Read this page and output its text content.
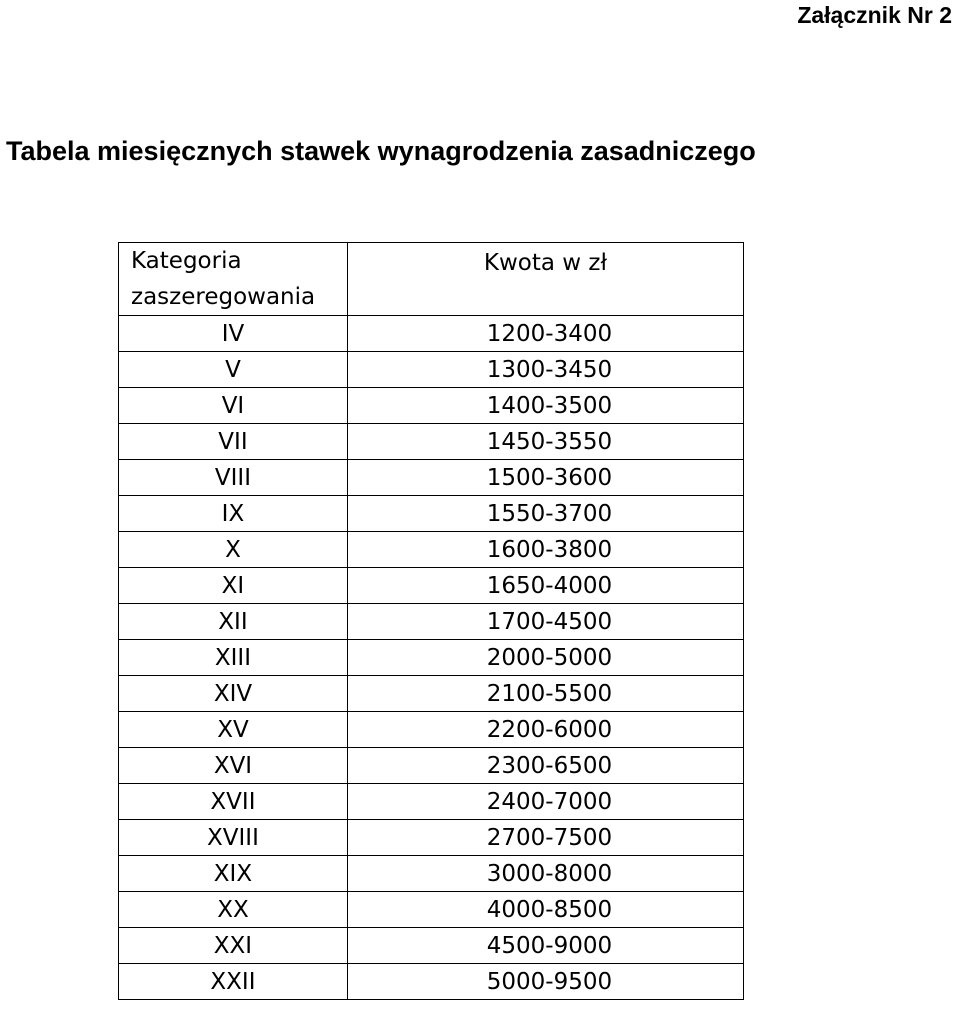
Załącznik Nr 2
Tabela miesięcznych stawek wynagrodzenia zasadniczego
Kategoria
zaszeregowania	Kwota w zł
IV	1200-3400
V	1300-3450
VI	1400-3500
VII	1450-3550
VIII	1500-3600
IX	1550-3700
X	1600-3800
XI	1650-4000
XII	1700-4500
XIII	2000-5000
XIV	2100-5500
XV	2200-6000
XVI	2300-6500
XVII	2400-7000
XVIII	2700-7500
XIX	3000-8000
XX	4000-8500
XXI	4500-9000
XXII	5000-9500
